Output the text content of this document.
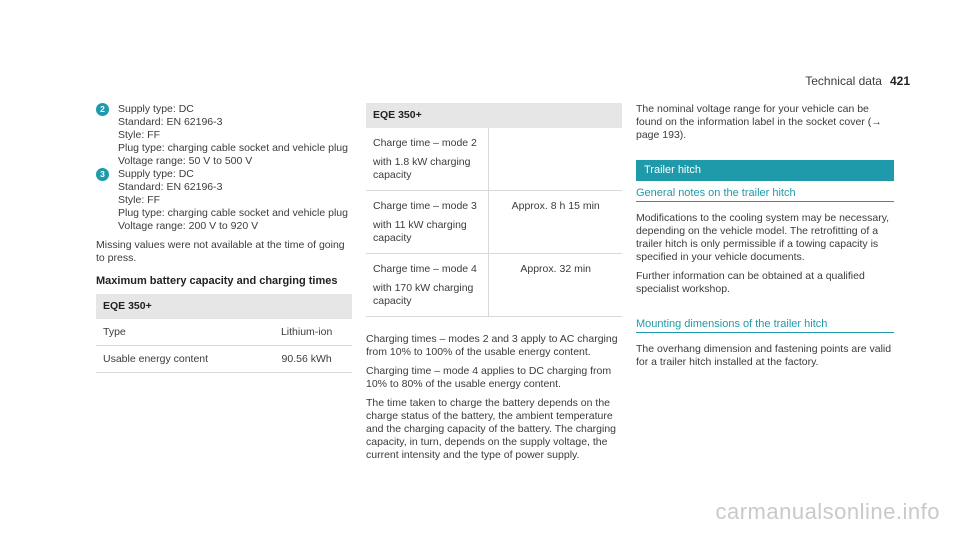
Technical data 421
2	Supply type: DC
Standard: EN 62196-3
Style: FF
Plug type: charging cable socket and vehicle plug
Voltage range: 50 V to 500 V
3	Supply type: DC
Standard: EN 62196-3
Style: FF
Plug type: charging cable socket and vehicle plug
Voltage range: 200 V to 920 V

Missing values were not available at the time of going to press.

Maximum battery capacity and charging times
EQE 350+	
Type	Lithium-ion
Usable energy content	90.56 kWh
EQE 350+	

Charge time – mode 2

with 1.8 kW charging capacity	

Charge time – mode 3

with 11 kW charging capacity	Approx. 8 h 15 min

Charge time – mode 4

with 170 kW charging capacity	Approx. 32 min

Charging times – modes 2 and 3 apply to AC charging from 10% to 100% of the usable energy content.

Charging time – mode 4 applies to DC charging from 10% to 80% of the usable energy content.

The time taken to charge the battery depends on the charge status of the battery, the ambient temperature and the charging capacity of the battery. The charging capacity, in turn, depends on the supply voltage, the current intensity and the type of power supply.

The nominal voltage range for your vehicle can be found on the information label in the socket cover (→ page 193).

Trailer hitch
General notes on the trailer hitch

Modifications to the cooling system may be necessary, depending on the vehicle model. The retrofitting of a trailer hitch is only permissible if a towing capacity is specified in your vehicle documents.

Further information can be obtained at a qualified specialist workshop.

Mounting dimensions of the trailer hitch

The overhang dimension and fastening points are valid for a trailer hitch installed at the factory.

carmanualsonline.info
